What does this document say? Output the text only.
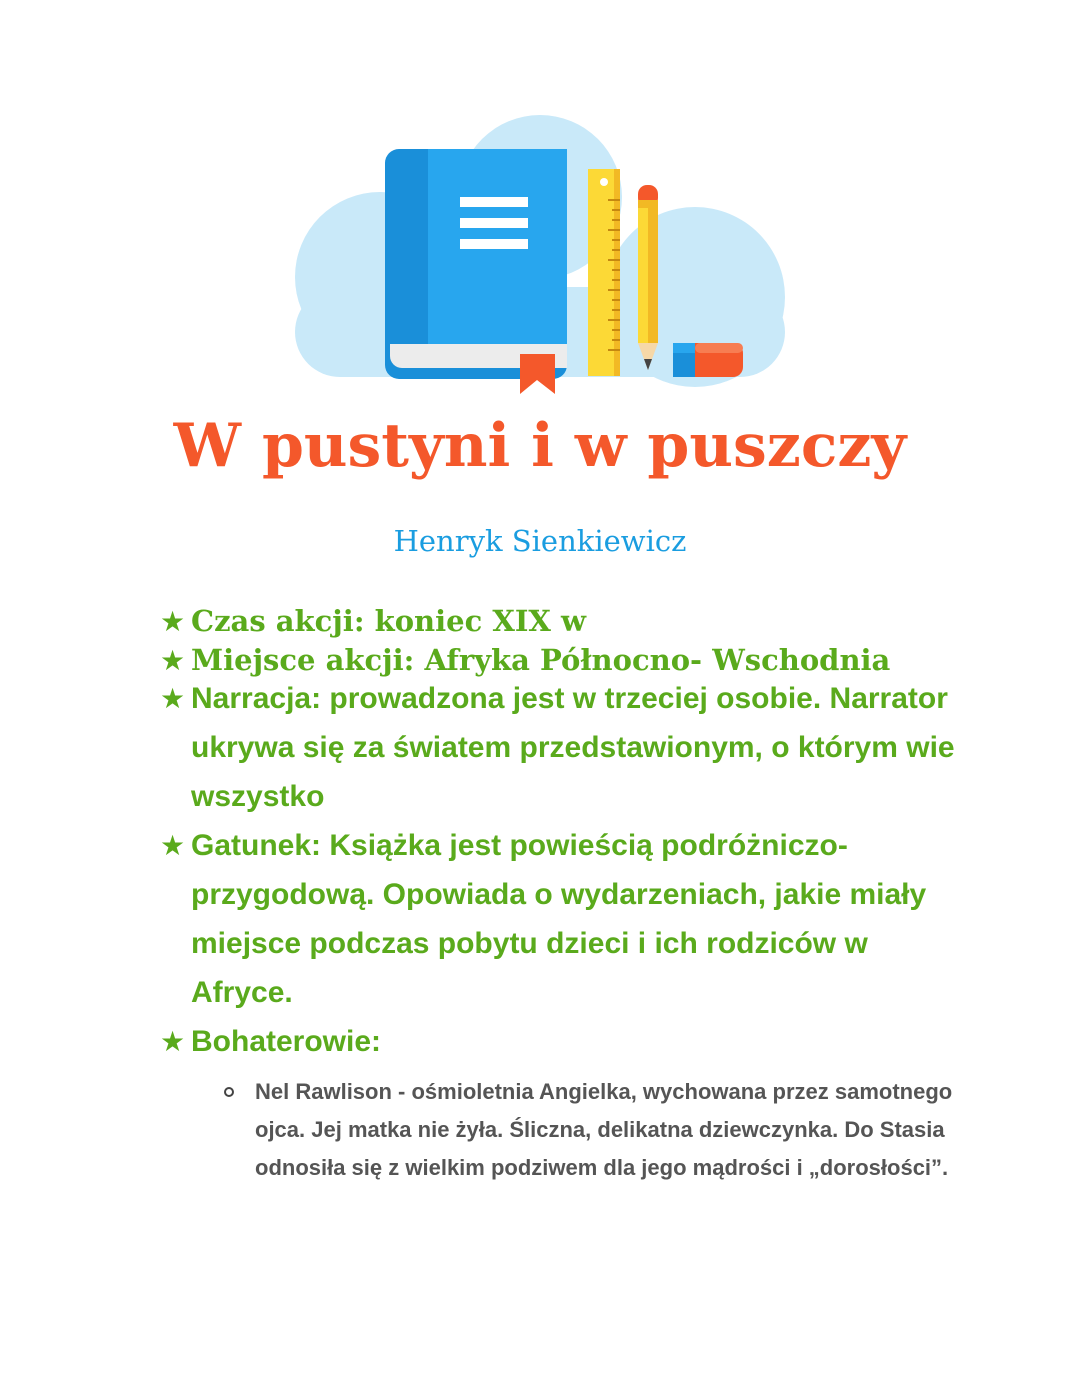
W pustyni i w puszczy
Henryk Sienkiewicz
★ Czas akcji: koniec XIX w
★ Miejsce akcji: Afryka Północno- Wschodnia
★ Narracja: prowadzona jest w trzeciej osobie. Narrator ukrywa się za światem przedstawionym, o którym wie wszystko
★ Gatunek: Książka jest powieścią podróżniczo-przygodową. Opowiada o wydarzeniach, jakie miały miejsce podczas pobytu dzieci i ich rodziców w Afryce.
★ Bohaterowie:
Nel Rawlison - ośmioletnia Angielka, wychowana przez samotnego ojca. Jej matka nie żyła. Śliczna, delikatna dziewczynka. Do Stasia odnosiła się z wielkim podziwem dla jego mądrości i „dorosłości”.
